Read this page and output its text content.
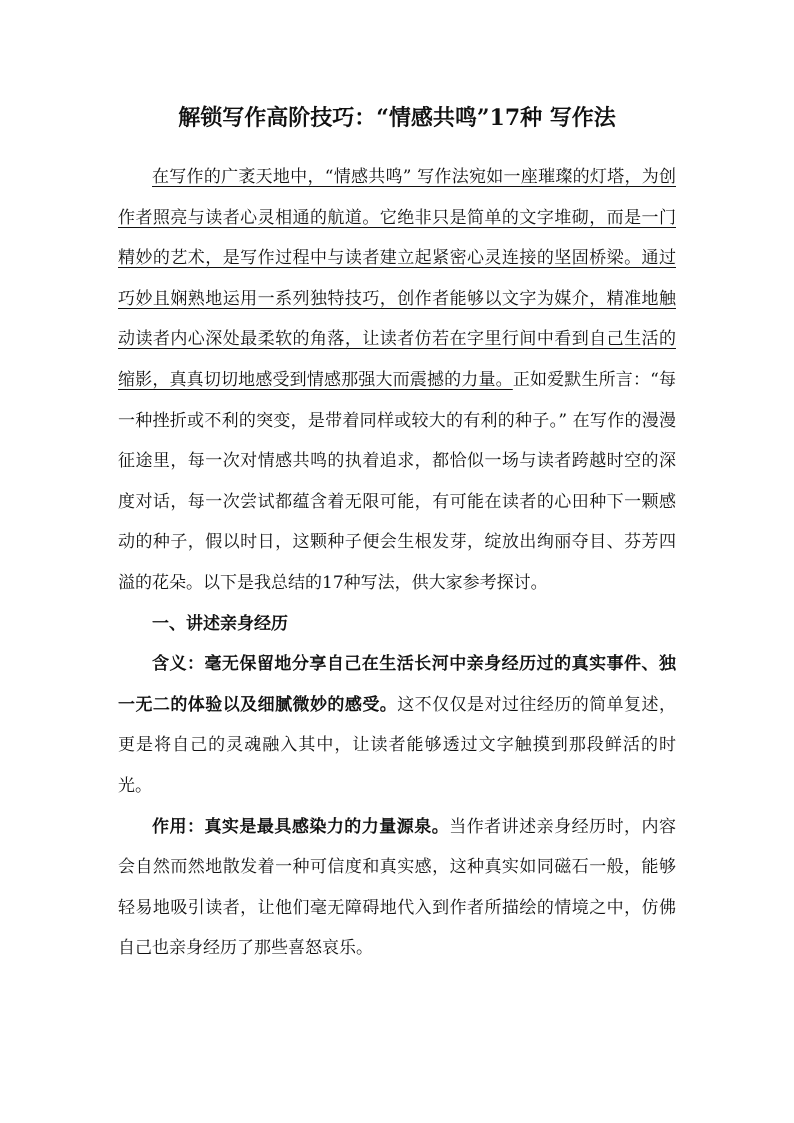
解锁写作高阶技巧：“情感共鸣”17种 写作法

在写作的广袤天地中，“情感共鸣” 写作法宛如一座璀璨的灯塔，为创作者照亮与读者心灵相通的航道。它绝非只是简单的文字堆砌，而是一门精妙的艺术，是写作过程中与读者建立起紧密心灵连接的坚固桥梁。通过巧妙且娴熟地运用一系列独特技巧，创作者能够以文字为媒介，精准地触动读者内心深处最柔软的角落，让读者仿若在字里行间中看到自己生活的缩影，真真切切地感受到情感那强大而震撼的力量。正如爱默生所言：“每一种挫折或不利的突变，是带着同样或较大的有利的种子。” 在写作的漫漫征途里，每一次对情感共鸣的执着追求，都恰似一场与读者跨越时空的深度对话，每一次尝试都蕴含着无限可能，有可能在读者的心田种下一颗感动的种子，假以时日，这颗种子便会生根发芽，绽放出绚丽夺目、芬芳四溢的花朵。以下是我总结的17种写法，供大家参考探讨。

一、讲述亲身经历

含义：毫无保留地分享自己在生活长河中亲身经历过的真实事件、独一无二的体验以及细腻微妙的感受。这不仅仅是对过往经历的简单复述，更是将自己的灵魂融入其中，让读者能够透过文字触摸到那段鲜活的时光。

作用：真实是最具感染力的力量源泉。当作者讲述亲身经历时，内容会自然而然地散发着一种可信度和真实感，这种真实如同磁石一般，能够轻易地吸引读者，让他们毫无障碍地代入到作者所描绘的情境之中，仿佛自己也亲身经历了那些喜怒哀乐。
